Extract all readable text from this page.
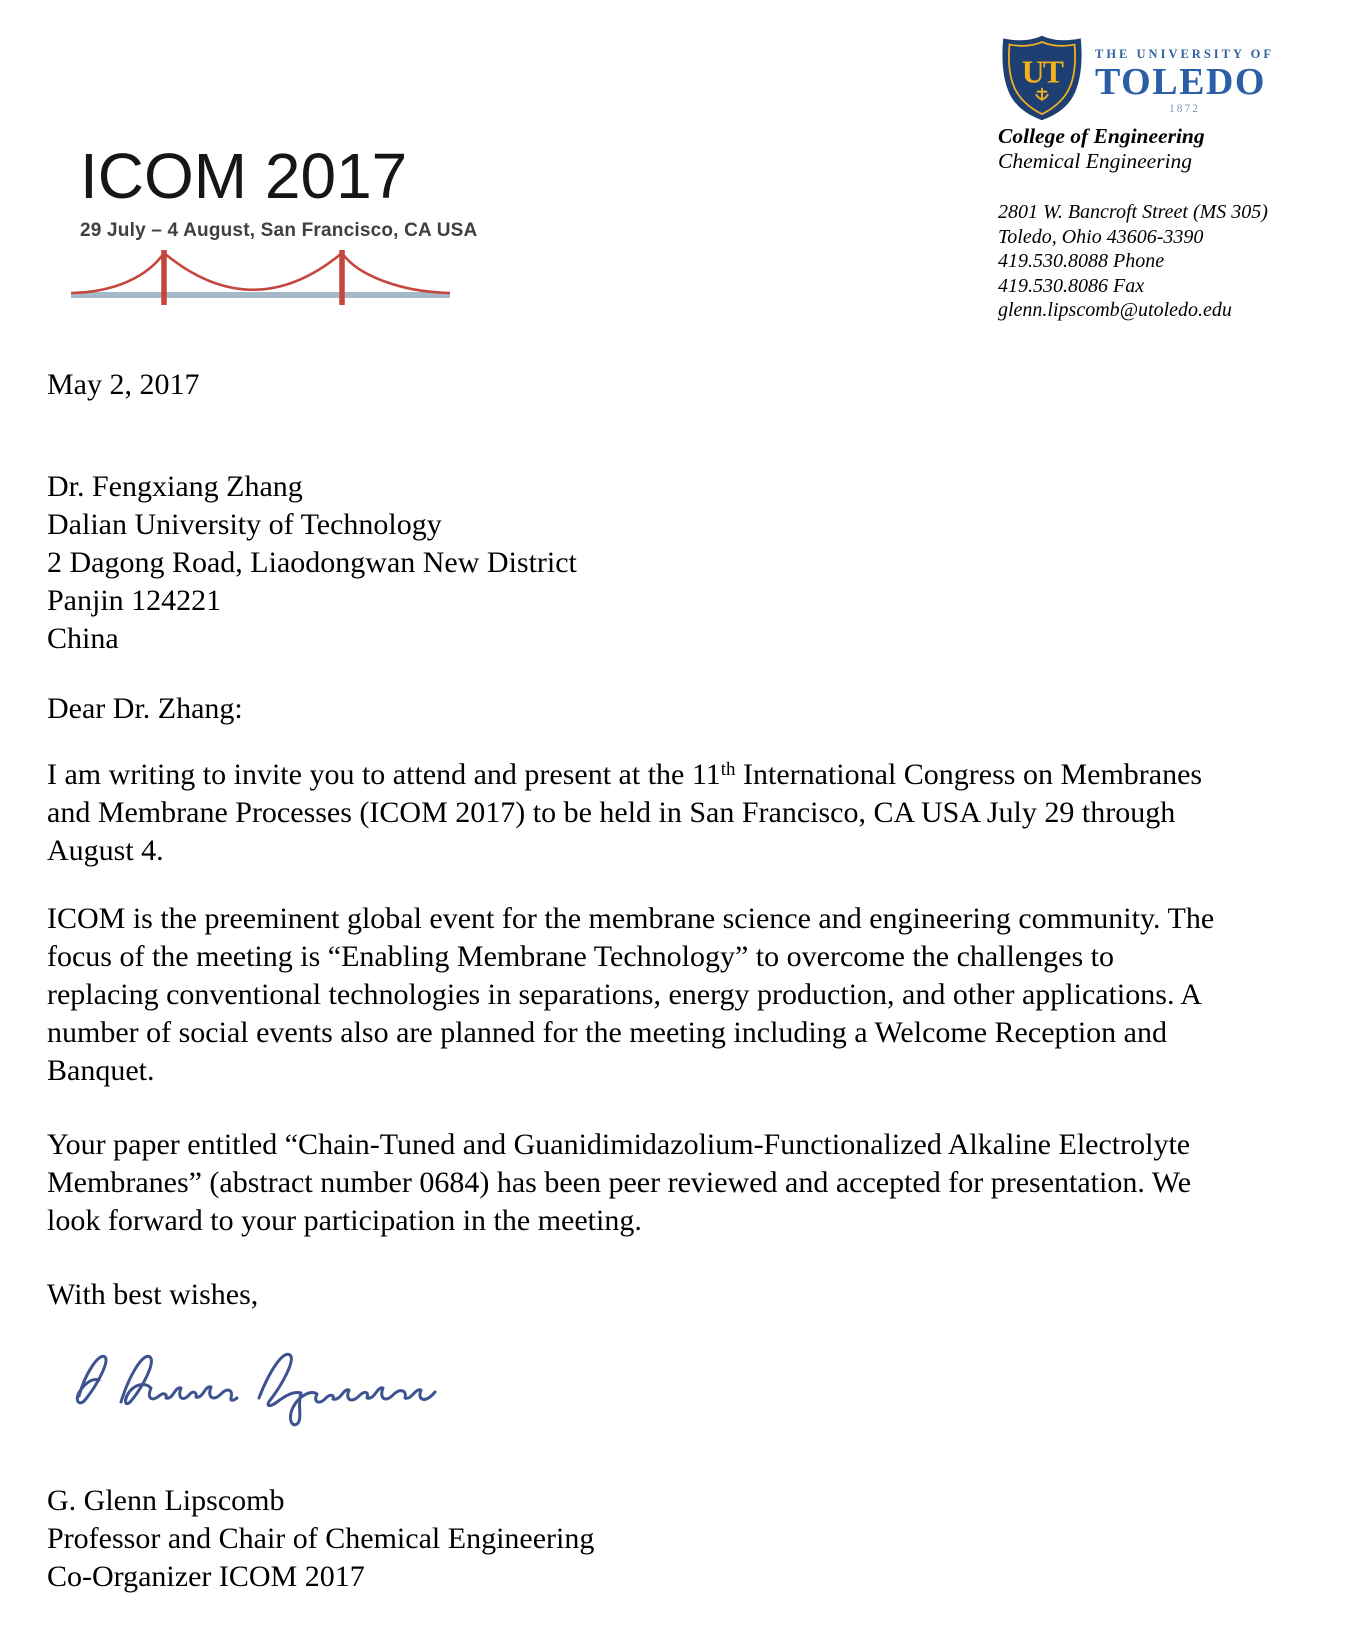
ICOM 2017
29 July – 4 August, San Francisco, CA USA
UT
THE UNIVERSITY OF
TOLEDO
1872
College of Engineering
Chemical Engineering
2801 W. Bancroft Street (MS 305)
Toledo, Ohio 43606-3390
419.530.8088 Phone
419.530.8086 Fax
glenn.lipscomb@utoledo.edu
May 2, 2017
Dr. Fengxiang Zhang
Dalian University of Technology
2 Dagong Road, Liaodongwan New District
Panjin 124221
China
Dear Dr. Zhang:
I am writing to invite you to attend and present at the 11th International Congress on Membranes
and Membrane Processes (ICOM 2017) to be held in San Francisco, CA USA July 29 through
August 4.
ICOM is the preeminent global event for the membrane science and engineering community. The
focus of the meeting is “Enabling Membrane Technology” to overcome the challenges to
replacing conventional technologies in separations, energy production, and other applications. A
number of social events also are planned for the meeting including a Welcome Reception and
Banquet.
Your paper entitled “Chain-Tuned and Guanidimidazolium-Functionalized Alkaline Electrolyte
Membranes” (abstract number 0684) has been peer reviewed and accepted for presentation. We
look forward to your participation in the meeting.
With best wishes,
G. Glenn Lipscomb
Professor and Chair of Chemical Engineering
Co-Organizer ICOM 2017
